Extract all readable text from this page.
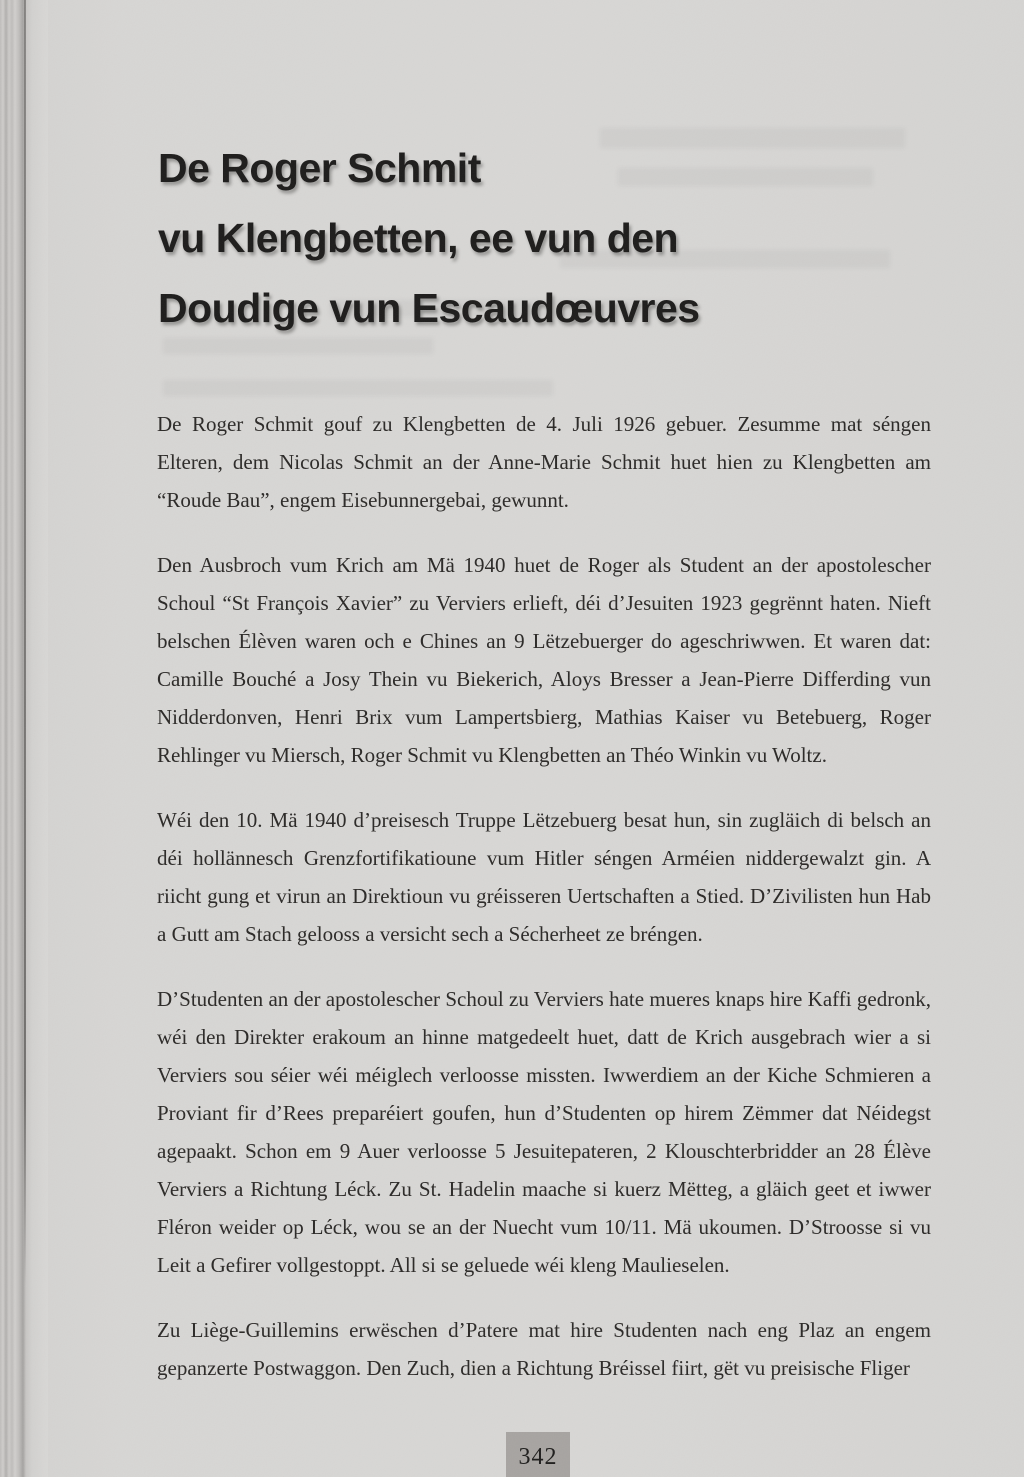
De Roger Schmit
vu Klengbetten, ee vun den
Doudige vun Escaudœuvres

De Roger Schmit gouf zu Klengbetten de 4. Juli 1926 gebuer. Zesumme mat séngen Elteren, dem Nicolas Schmit an der Anne-Marie Schmit huet hien zu Klengbetten am “Roude Bau”, engem Eisebunnergebai, gewunnt.

Den Ausbroch vum Krich am Mä 1940 huet de Roger als Student an der apostolescher Schoul “St François Xavier” zu Verviers erlieft, déi d’Jesuiten 1923 gegrënnt haten. Nieft belschen Élèven waren och e Chines an 9 Lëtzebuerger do ageschriwwen. Et waren dat: Camille Bouché a Josy Thein vu Biekerich, Aloys Bresser a Jean-Pierre Differding vun Nidderdonven, Henri Brix vum Lampertsbierg, Mathias Kaiser vu Betebuerg, Roger Rehlinger vu Miersch, Roger Schmit vu Klengbetten an Théo Winkin vu Woltz.

Wéi den 10. Mä 1940 d’preisesch Truppe Lëtzebuerg besat hun, sin zugläich di belsch an déi hollännesch Grenzfortifikatioune vum Hitler séngen Arméien niddergewalzt gin. A riicht gung et virun an Direktioun vu gréisseren Uertschaften a Stied. D’Zivilisten hun Hab a Gutt am Stach gelooss a versicht sech a Sécherheet ze bréngen.

D’Studenten an der apostolescher Schoul zu Verviers hate mueres knaps hire Kaffi gedronk, wéi den Direkter erakoum an hinne matgedeelt huet, datt de Krich ausgebrach wier a si Verviers sou séier wéi méiglech verloosse missten. Iwwerdiem an der Kiche Schmieren a Proviant fir d’Rees preparéiert goufen, hun d’Studenten op hirem Zëmmer dat Néidegst agepaakt. Schon em 9 Auer verloosse 5 Jesuitepateren, 2 Klouschterbridder an 28 Élève Verviers a Richtung Léck. Zu St. Hadelin maache si kuerz Mëtteg, a gläich geet et iwwer Fléron weider op Léck, wou se an der Nuecht vum 10/11. Mä ukoumen. D’Stroosse si vu Leit a Gefirer vollgestoppt. All si se geluede wéi kleng Maulieselen.

Zu Liège-Guillemins erwëschen d’Patere mat hire Studenten nach eng Plaz an engem gepanzerte Postwaggon. Den Zuch, dien a Richtung Bréissel fiirt, gët vu preisische Fliger

342
